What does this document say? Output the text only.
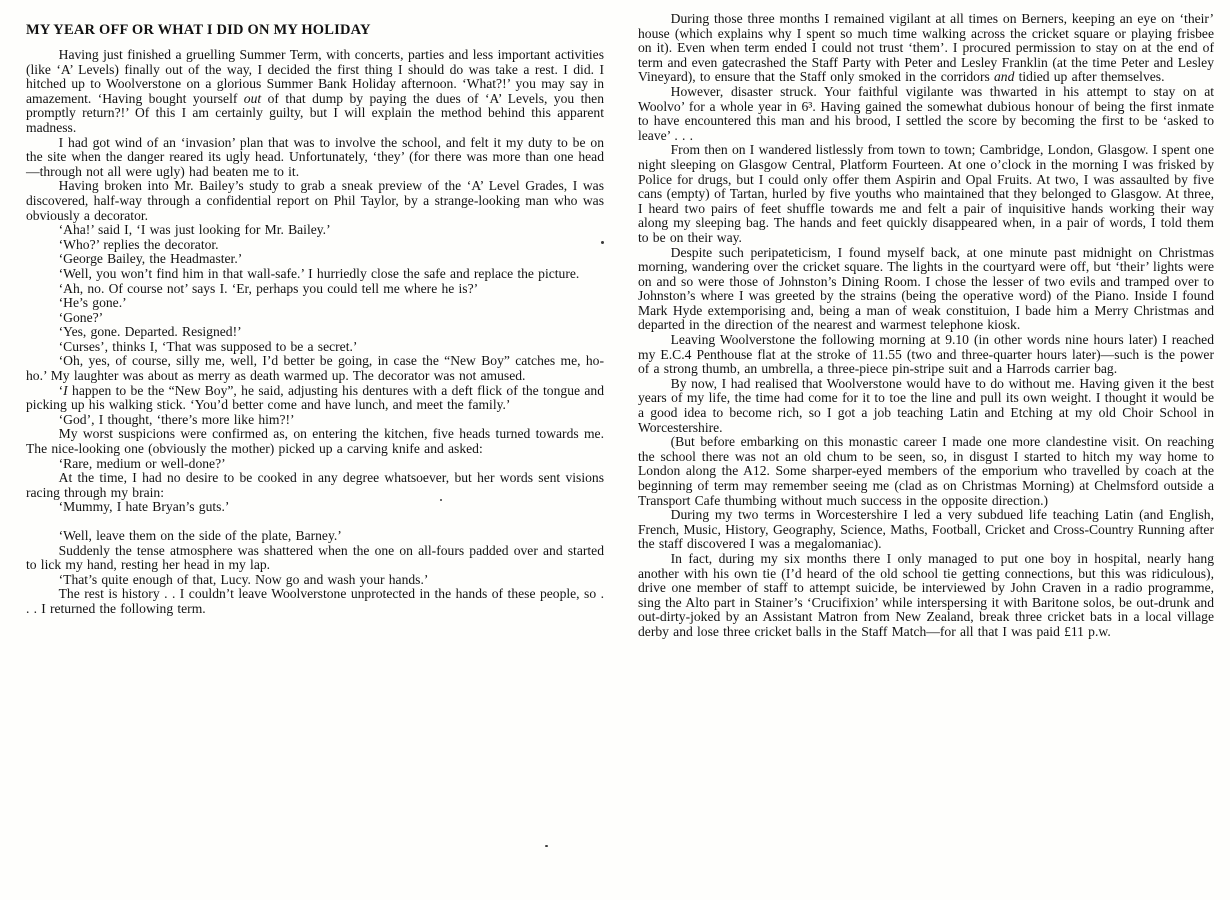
MY YEAR OFF OR WHAT I DID ON MY HOLIDAY

Having just finished a gruelling Summer Term, with concerts, parties and less important activities (like ‘A’ Levels) finally out of the way, I decided the first thing I should do was take a rest. I did. I hitched up to Woolverstone on a glorious Summer Bank Holiday afternoon. ‘What?!’ you may say in amazement. ‘Having bought yourself out of that dump by paying the dues of ‘A’ Levels, you then promptly return?!’ Of this I am certainly guilty, but I will explain the method behind this apparent madness.

I had got wind of an ‘invasion’ plan that was to involve the school, and felt it my duty to be on the site when the danger reared its ugly head. Unfortunately, ‘they’ (for there was more than one head—through not all were ugly) had beaten me to it.

Having broken into Mr. Bailey’s study to grab a sneak preview of the ‘A’ Level Grades, I was discovered, half-way through a confidential report on Phil Taylor, by a strange-looking man who was obviously a decorator.

‘Aha!’ said I, ‘I was just looking for Mr. Bailey.’

‘Who?’ replies the decorator.

‘George Bailey, the Headmaster.’

‘Well, you won’t find him in that wall-safe.’ I hurriedly close the safe and replace the picture.

‘Ah, no. Of course not’ says I. ‘Er, perhaps you could tell me where he is?’

‘He’s gone.’

‘Gone?’

‘Yes, gone. Departed. Resigned!’

‘Curses’, thinks I, ‘That was supposed to be a secret.’

‘Oh, yes, of course, silly me, well, I’d better be going, in case the “New Boy” catches me, ho-ho.’ My laughter was about as merry as death warmed up. The decorator was not amused.

‘I happen to be the “New Boy”, he said, adjusting his dentures with a deft flick of the tongue and picking up his walking stick. ‘You’d better come and have lunch, and meet the family.’

‘God’, I thought, ‘there’s more like him?!’

My worst suspicions were confirmed as, on entering the kitchen, five heads turned towards me. The nice-looking one (obviously the mother) picked up a carving knife and asked:

‘Rare, medium or well-done?’

At the time, I had no desire to be cooked in any degree whatsoever, but her words sent visions racing through my brain:

‘Mummy, I hate Bryan’s guts.’

‘Well, leave them on the side of the plate, Barney.’

Suddenly the tense atmosphere was shattered when the one on all-fours padded over and started to lick my hand, resting her head in my lap.

‘That’s quite enough of that, Lucy. Now go and wash your hands.’

The rest is history . . I couldn’t leave Woolverstone unprotected in the hands of these people, so . . . I returned the following term.

During those three months I remained vigilant at all times on Berners, keeping an eye on ‘their’ house (which explains why I spent so much time walking across the cricket square or playing frisbee on it). Even when term ended I could not trust ‘them’. I procured permission to stay on at the end of term and even gatecrashed the Staff Party with Peter and Lesley Franklin (at the time Peter and Lesley Vineyard), to ensure that the Staff only smoked in the corridors and tidied up after themselves.

However, disaster struck. Your faithful vigilante was thwarted in his attempt to stay on at Woolvo’ for a whole year in 6³. Having gained the somewhat dubious honour of being the first inmate to have encountered this man and his brood, I settled the score by becoming the first to be ‘asked to leave’ . . .

From then on I wandered listlessly from town to town; Cambridge, London, Glasgow. I spent one night sleeping on Glasgow Central, Platform Fourteen. At one o’clock in the morning I was frisked by Police for drugs, but I could only offer them Aspirin and Opal Fruits. At two, I was assaulted by five cans (empty) of Tartan, hurled by five youths who maintained that they belonged to Glasgow. At three, I heard two pairs of feet shuffle towards me and felt a pair of inquisitive hands working their way along my sleeping bag. The hands and feet quickly disappeared when, in a pair of words, I told them to be on their way.

Despite such peripateticism, I found myself back, at one minute past midnight on Christmas morning, wandering over the cricket square. The lights in the courtyard were off, but ‘their’ lights were on and so were those of Johnston’s Dining Room. I chose the lesser of two evils and tramped over to Johnston’s where I was greeted by the strains (being the operative word) of the Piano. Inside I found Mark Hyde extemporising and, being a man of weak constituion, I bade him a Merry Christmas and departed in the direction of the nearest and warmest telephone kiosk.

Leaving Woolverstone the following morning at 9.10 (in other words nine hours later) I reached my E.C.4 Penthouse flat at the stroke of 11.55 (two and three-quarter hours later)—such is the power of a strong thumb, an umbrella, a three-piece pin-stripe suit and a Harrods carrier bag.

By now, I had realised that Woolverstone would have to do without me. Having given it the best years of my life, the time had come for it to toe the line and pull its own weight. I thought it would be a good idea to become rich, so I got a job teaching Latin and Etching at my old Choir School in Worcestershire.

(But before embarking on this monastic career I made one more clandestine visit. On reaching the school there was not an old chum to be seen, so, in disgust I started to hitch my way home to London along the A12. Some sharper-eyed members of the emporium who travelled by coach at the beginning of term may remember seeing me (clad as on Christmas Morning) at Chelmsford outside a Transport Cafe thumbing without much success in the opposite direction.)

During my two terms in Worcestershire I led a very subdued life teaching Latin (and English, French, Music, History, Geography, Science, Maths, Football, Cricket and Cross-Country Running after the staff discovered I was a megalomaniac).

In fact, during my six months there I only managed to put one boy in hospital, nearly hang another with his own tie (I’d heard of the old school tie getting connections, but this was ridiculous), drive one member of staff to attempt suicide, be interviewed by John Craven in a radio programme, sing the Alto part in Stainer’s ‘Crucifixion’ while interspersing it with Baritone solos, be out-drunk and out-dirty-joked by an Assistant Matron from New Zealand, break three cricket bats in a local village derby and lose three cricket balls in the Staff Match—for all that I was paid £11 p.w.
